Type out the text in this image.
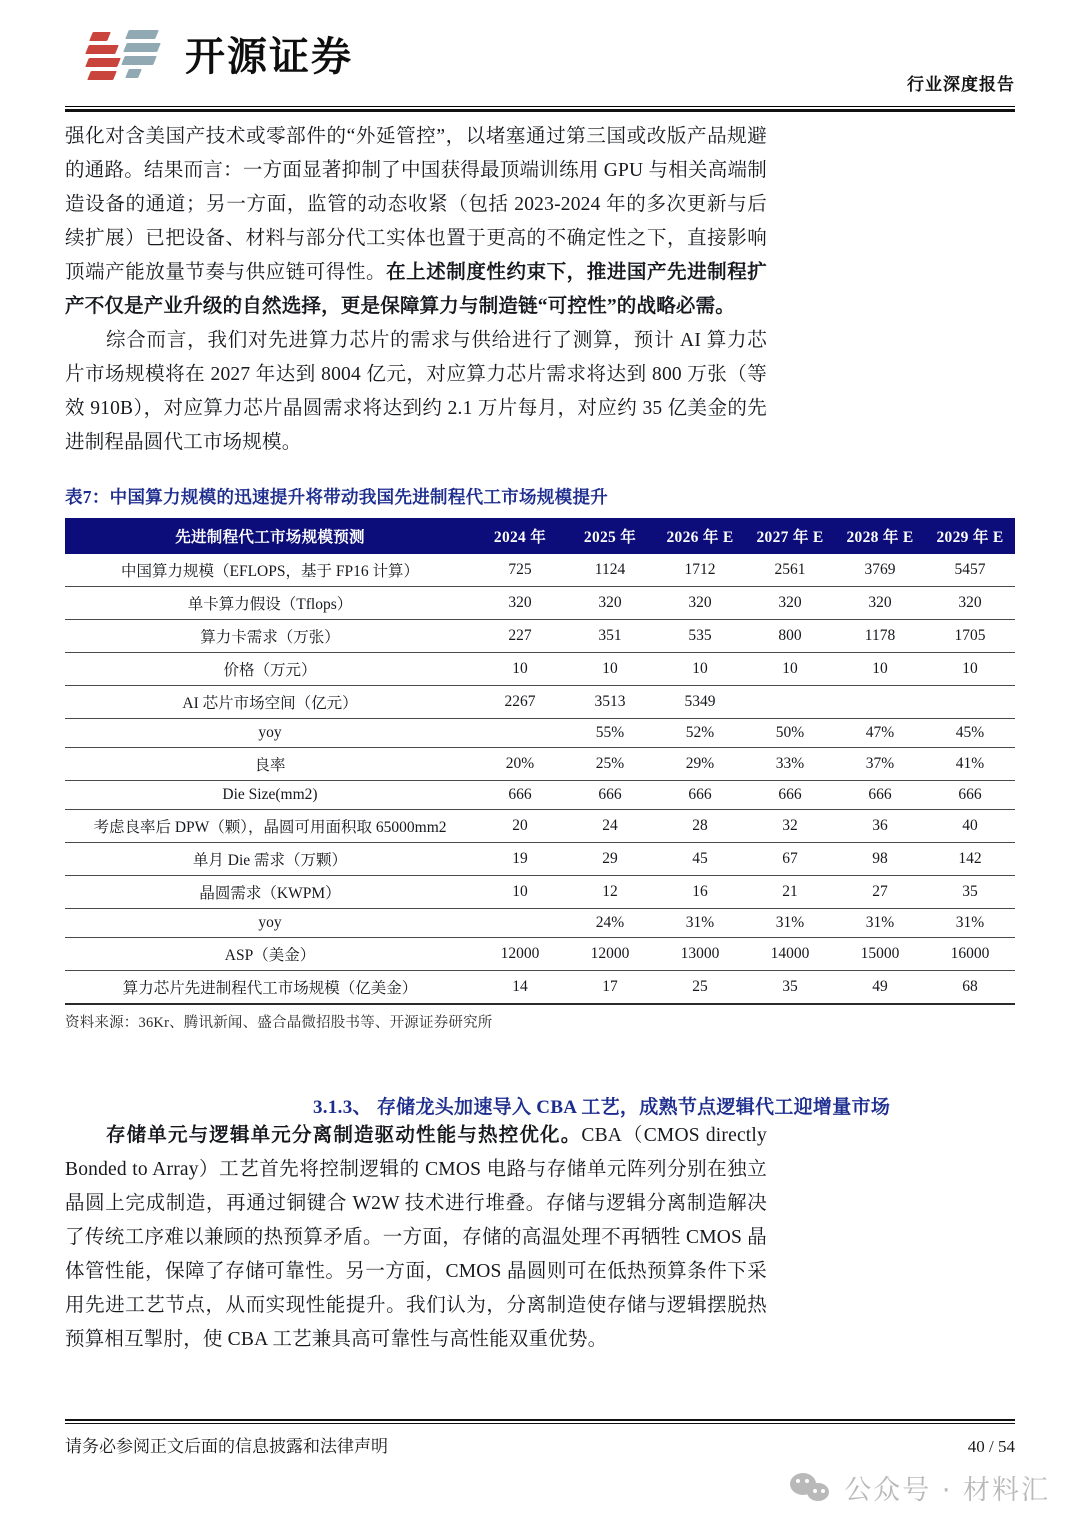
开源证券
行业深度报告

强化对含美国产技术或零部件的“外延管控”，以堵塞通过第三国或改版产品规避的通路。结果而言：一方面显著抑制了中国获得最顶端训练用 GPU 与相关高端制造设备的通道；另一方面，监管的动态收紧（包括 2023-2024 年的多次更新与后续扩展）已把设备、材料与部分代工实体也置于更高的不确定性之下，直接影响顶端产能放量节奏与供应链可得性。在上述制度性约束下，推进国产先进制程扩产不仅是产业升级的自然选择，更是保障算力与制造链“可控性”的战略必需。

综合而言，我们对先进算力芯片的需求与供给进行了测算，预计 AI 算力芯片市场规模将在 2027 年达到 8004 亿元，对应算力芯片需求将达到 800 万张（等效 910B），对应算力芯片晶圆需求将达到约 2.1 万片每月，对应约 35 亿美金的先进制程晶圆代工市场规模。

表7：中国算力规模的迅速提升将带动我国先进制程代工市场规模提升
先进制程代工市场规模预测	2024 年	2025 年	2026 年 E	2027 年 E	2028 年 E	2029 年 E
中国算力规模（EFLOPS，基于 FP16 计算）	725	1124	1712	2561	3769	5457
单卡算力假设（Tflops）	320	320	320	320	320	320
算力卡需求（万张）	227	351	535	800	1178	1705
价格（万元）	10	10	10	10	10	10
AI 芯片市场空间（亿元）	2267	3513	5349			
yoy		55%	52%	50%	47%	45%
良率	20%	25%	29%	33%	37%	41%
Die Size(mm2)	666	666	666	666	666	666
考虑良率后 DPW（颗），晶圆可用面积取 65000mm2	20	24	28	32	36	40
单月 Die 需求（万颗）	19	29	45	67	98	142
晶圆需求（KWPM）	10	12	16	21	27	35
yoy		24%	31%	31%	31%	31%
ASP（美金）	12000	12000	13000	14000	15000	16000
算力芯片先进制程代工市场规模（亿美金）	14	17	25	35	49	68
资料来源：36Kr、腾讯新闻、盛合晶微招股书等、开源证券研究所
3.1.3、 存储龙头加速导入 CBA 工艺，成熟节点逻辑代工迎增量市场

存储单元与逻辑单元分离制造驱动性能与热控优化。CBA（CMOS directly Bonded to Array）工艺首先将控制逻辑的 CMOS 电路与存储单元阵列分别在独立晶圆上完成制造，再通过铜键合 W2W 技术进行堆叠。存储与逻辑分离制造解决了传统工序难以兼顾的热预算矛盾。一方面，存储的高温处理不再牺牲 CMOS 晶体管性能，保障了存储可靠性。另一方面，CMOS 晶圆则可在低热预算条件下采用先进工艺节点，从而实现性能提升。我们认为，分离制造使存储与逻辑摆脱热预算相互掣肘，使 CBA 工艺兼具高可靠性与高性能双重优势。

请务必参阅正文后面的信息披露和法律声明	40 / 54
公众号 · 材料汇
